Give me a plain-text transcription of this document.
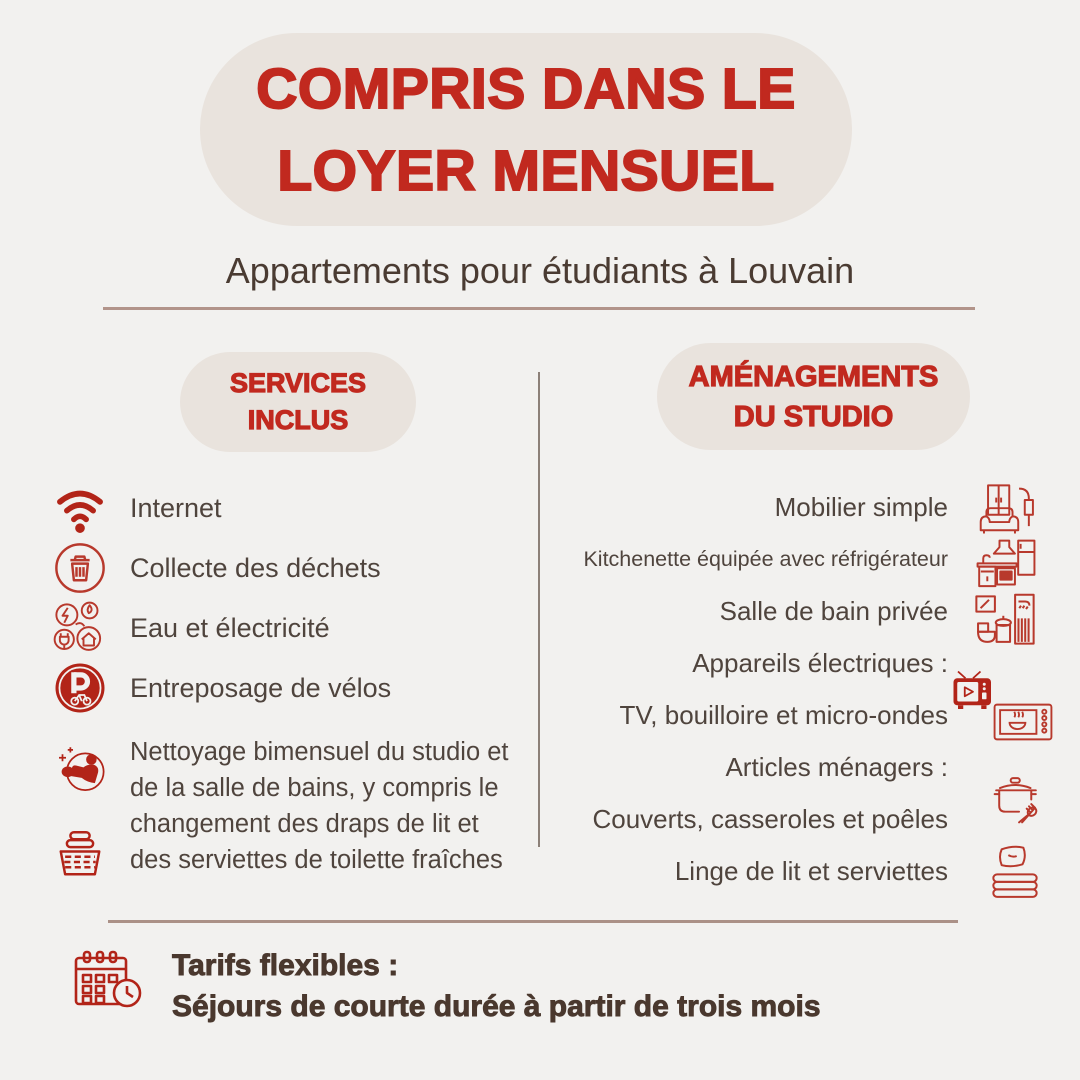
COMPRIS DANS LE
LOYER MENSUEL
Appartements pour étudiants à Louvain
SERVICES
INCLUS
AMÉNAGEMENTS
DU STUDIO
Internet
Collecte des déchets
Eau et électricité
Entreposage de vélos
Nettoyage bimensuel du studio et de la salle de bains, y compris le changement des draps de lit et des serviettes de toilette fraîches
Mobilier simple
Kitchenette équipée avec réfrigérateur
Salle de bain privée
Appareils électriques :
TV, bouilloire et micro-ondes
Articles ménagers :
Couverts, casseroles et poêles
Linge de lit et serviettes
Tarifs flexibles :
Séjours de courte durée à partir de trois mois
